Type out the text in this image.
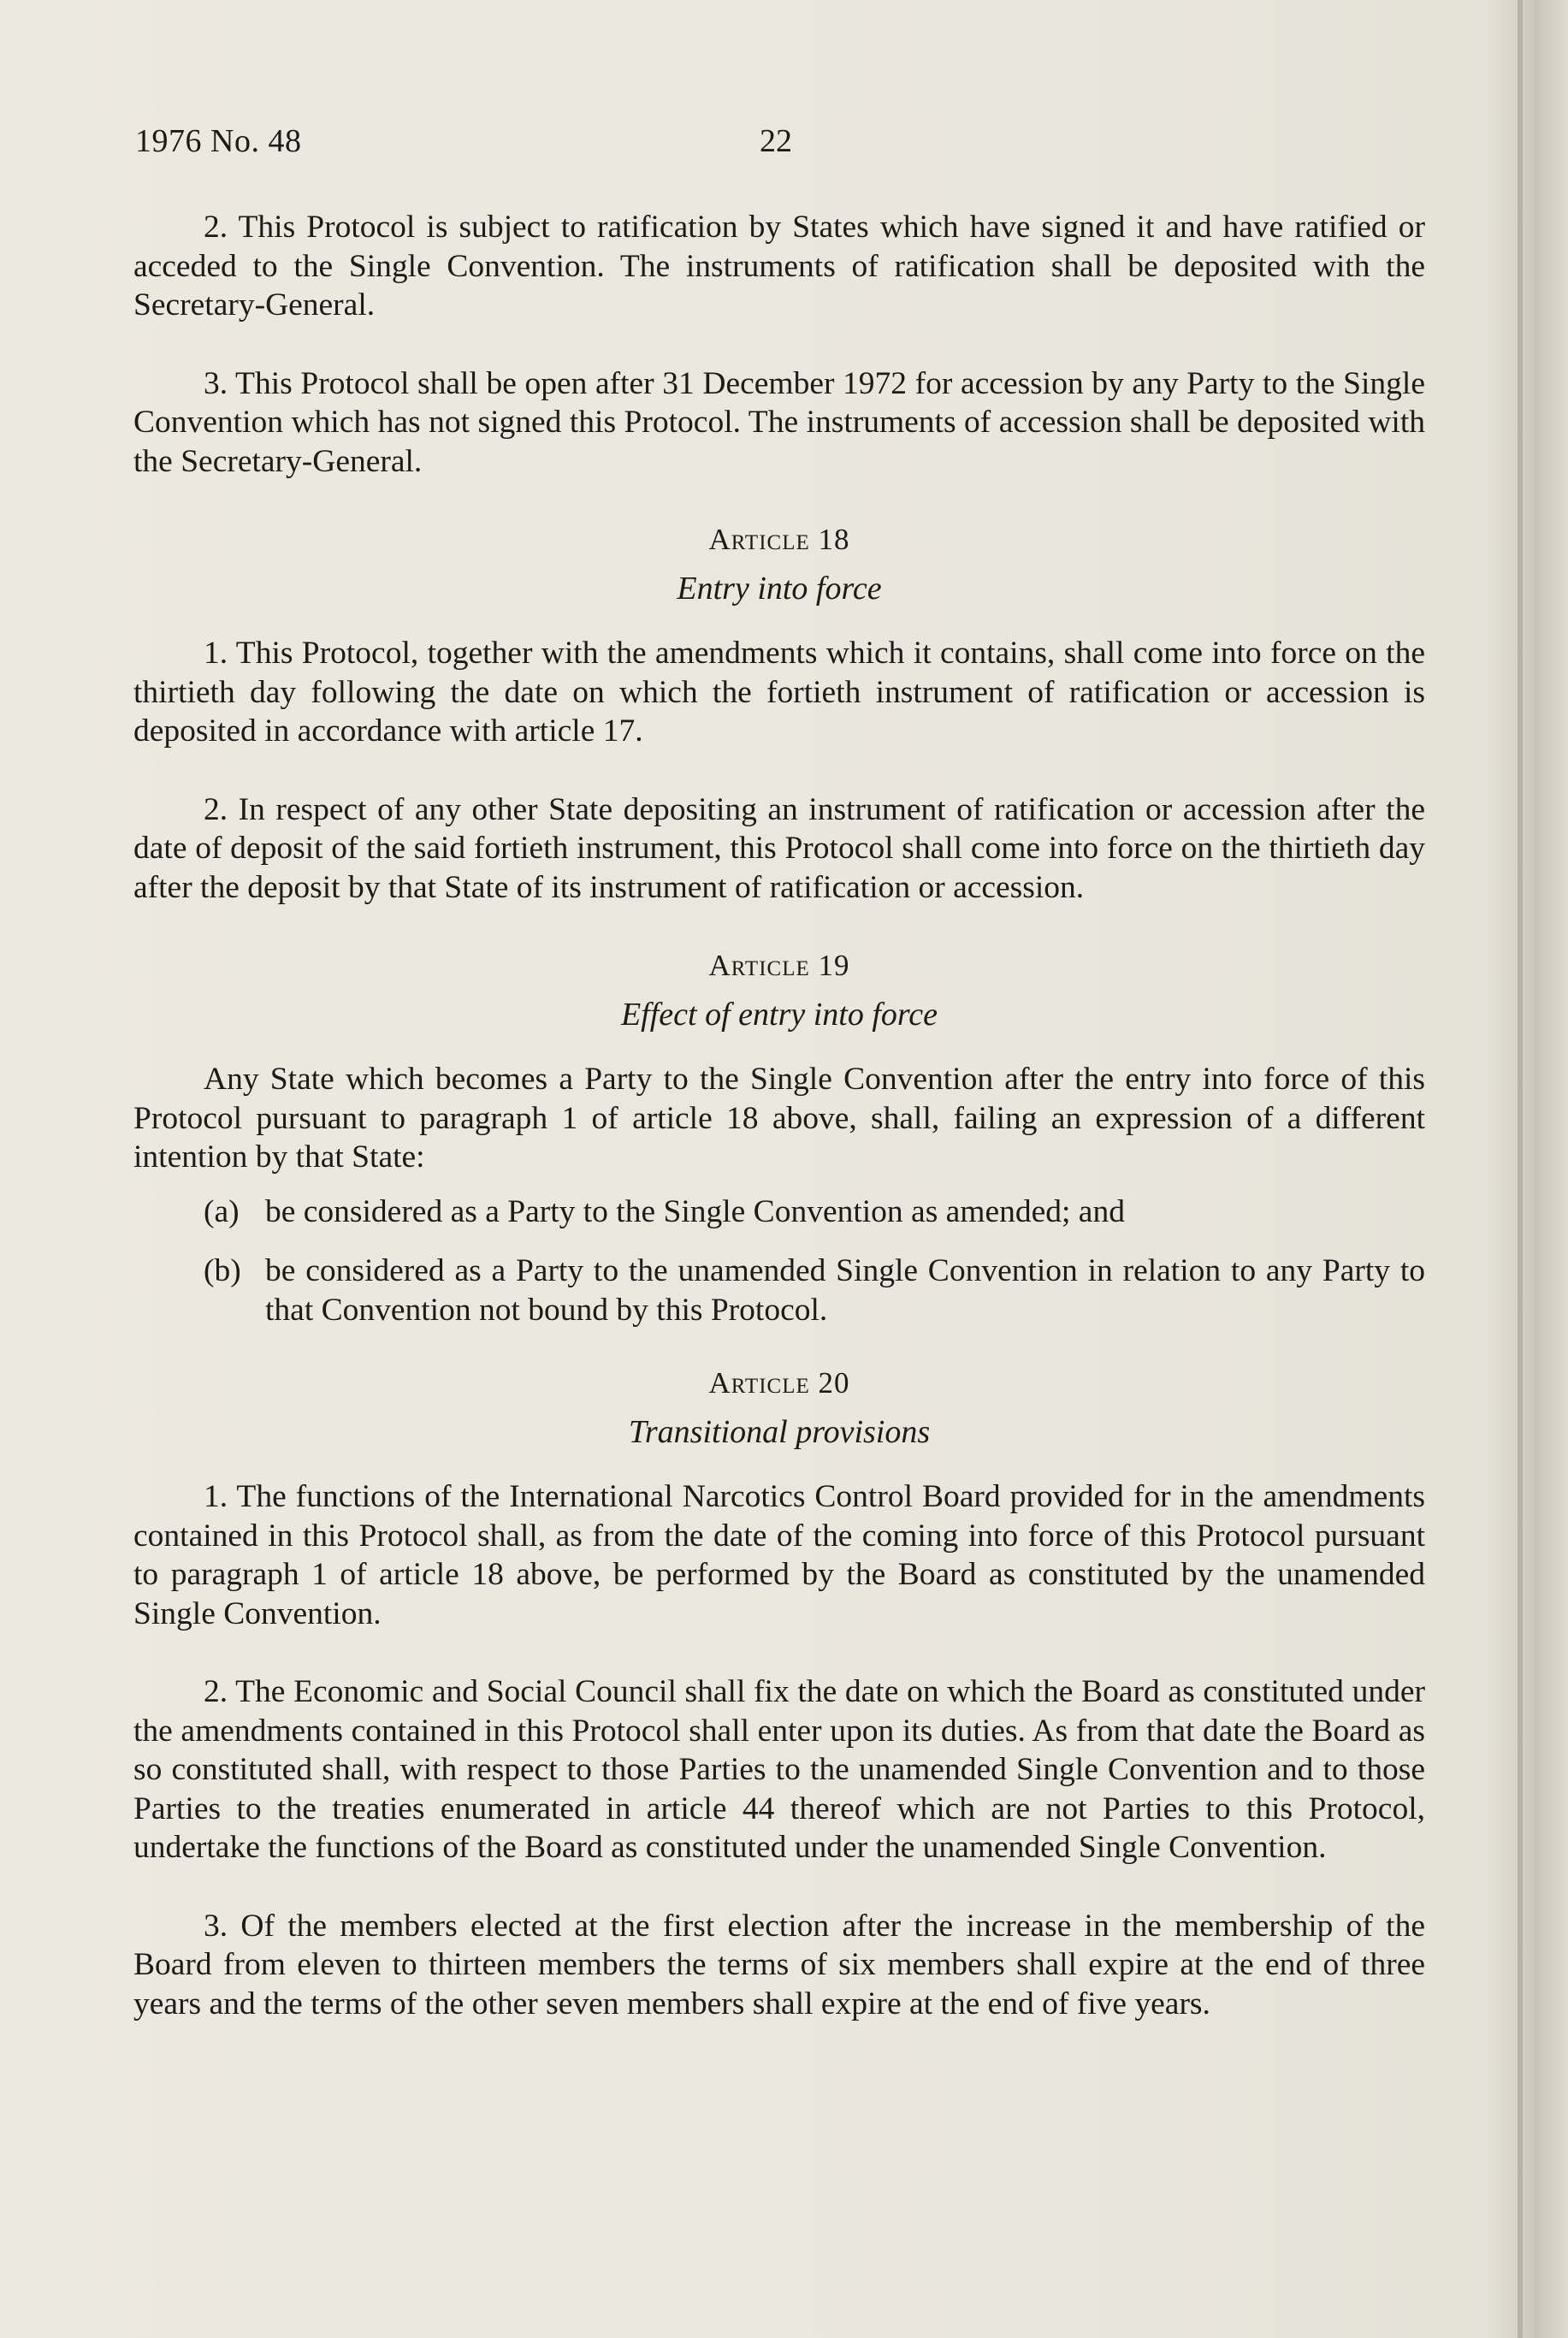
1976 No. 48	22

2. This Protocol is subject to ratification by States which have signed it and have ratified or acceded to the Single Convention. The instruments of ratification shall be deposited with the Secretary-General.

3. This Protocol shall be open after 31 December 1972 for accession by any Party to the Single Convention which has not signed this Protocol. The instruments of accession shall be deposited with the Secretary-General.

Article 18
Entry into force

1. This Protocol, together with the amendments which it contains, shall come into force on the thirtieth day following the date on which the fortieth instrument of ratification or accession is deposited in accordance with article 17.

2. In respect of any other State depositing an instrument of ratification or accession after the date of deposit of the said fortieth instrument, this Protocol shall come into force on the thirtieth day after the deposit by that State of its instrument of ratification or accession.

Article 19
Effect of entry into force

Any State which becomes a Party to the Single Convention after the entry into force of this Protocol pursuant to paragraph 1 of article 18 above, shall, failing an expression of a different intention by that State:

(a) be considered as a Party to the Single Convention as amended; and
(b) be considered as a Party to the unamended Single Convention in relation to any Party to that Convention not bound by this Protocol.
Article 20
Transitional provisions

1. The functions of the International Narcotics Control Board provided for in the amendments contained in this Protocol shall, as from the date of the coming into force of this Protocol pursuant to paragraph 1 of article 18 above, be performed by the Board as constituted by the unamended Single Convention.

2. The Economic and Social Council shall fix the date on which the Board as constituted under the amendments contained in this Protocol shall enter upon its duties. As from that date the Board as so constituted shall, with respect to those Parties to the unamended Single Convention and to those Parties to the treaties enumerated in article 44 thereof which are not Parties to this Protocol, undertake the functions of the Board as constituted under the unamended Single Convention.

3. Of the members elected at the first election after the increase in the membership of the Board from eleven to thirteen members the terms of six members shall expire at the end of three years and the terms of the other seven members shall expire at the end of five years.
